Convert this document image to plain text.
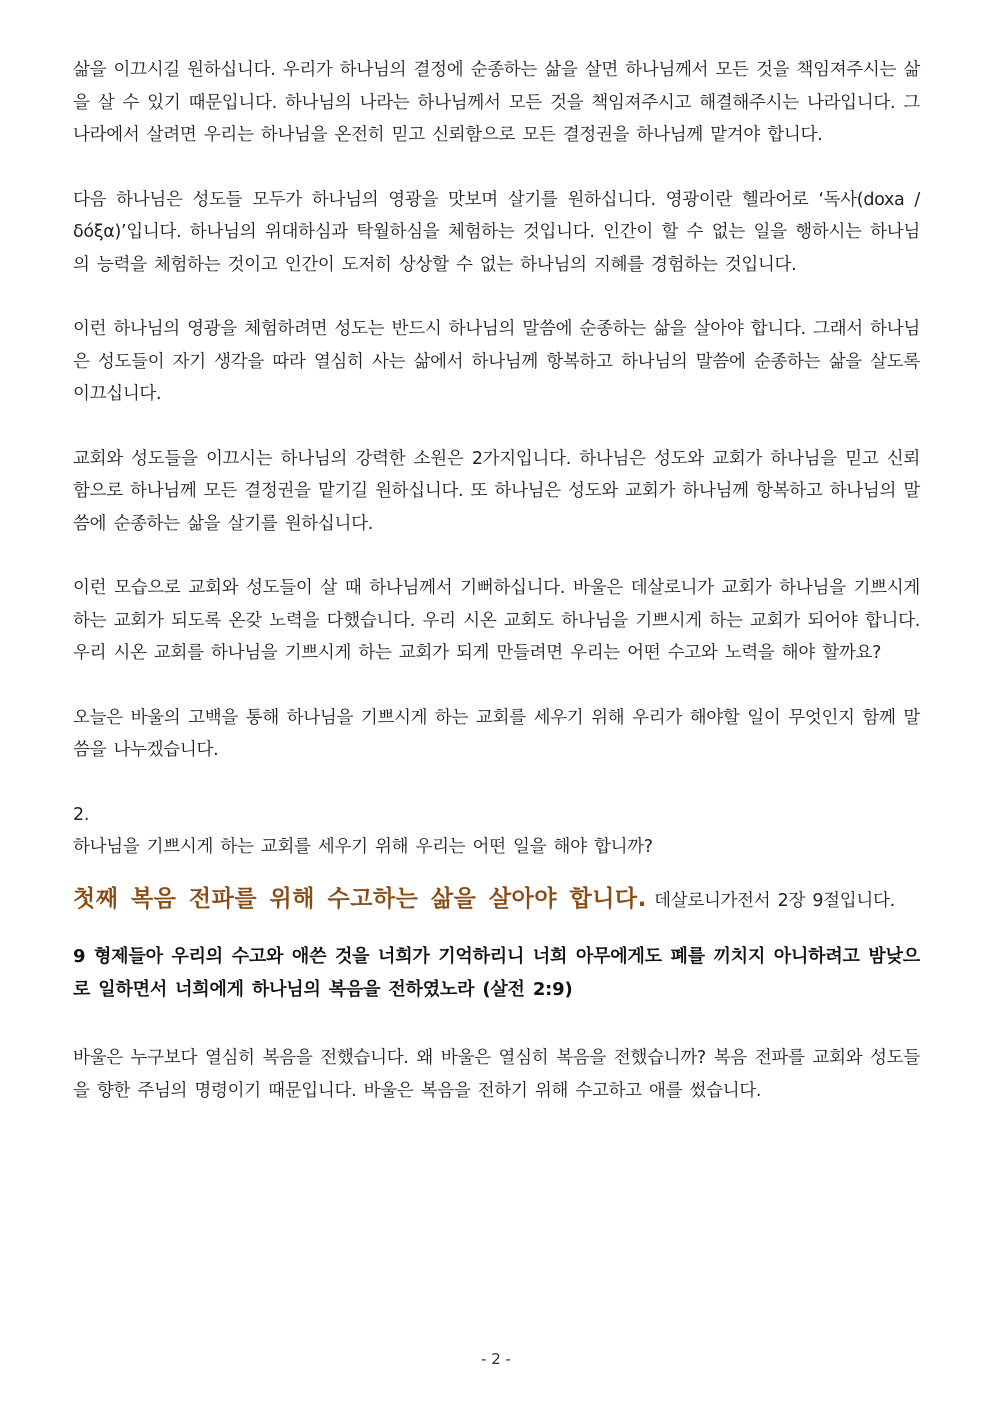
삶을 이끄시길 원하십니다. 우리가 하나님의 결정에 순종하는 삶을 살면 하나님께서 모든 것을 책임져주시는 삶을 살 수 있기 때문입니다. 하나님의 나라는 하나님께서 모든 것을 책임져주시고 해결해주시는 나라입니다. 그 나라에서 살려면 우리는 하나님을 온전히 믿고 신뢰함으로 모든 결정권을 하나님께 맡겨야 합니다.

다음 하나님은 성도들 모두가 하나님의 영광을 맛보며 살기를 원하십니다. 영광이란 헬라어로 ‘독사(doxa / δόξα)’입니다. 하나님의 위대하심과 탁월하심을 체험하는 것입니다. 인간이 할 수 없는 일을 행하시는 하나님의 능력을 체험하는 것이고 인간이 도저히 상상할 수 없는 하나님의 지혜를 경험하는 것입니다.

이런 하나님의 영광을 체험하려면 성도는 반드시 하나님의 말씀에 순종하는 삶을 살아야 합니다. 그래서 하나님은 성도들이 자기 생각을 따라 열심히 사는 삶에서 하나님께 항복하고 하나님의 말씀에 순종하는 삶을 살도록 이끄십니다.

교회와 성도들을 이끄시는 하나님의 강력한 소원은 2가지입니다. 하나님은 성도와 교회가 하나님을 믿고 신뢰함으로 하나님께 모든 결정권을 맡기길 원하십니다. 또 하나님은 성도와 교회가 하나님께 항복하고 하나님의 말씀에 순종하는 삶을 살기를 원하십니다.

이런 모습으로 교회와 성도들이 살 때 하나님께서 기뻐하십니다. 바울은 데살로니가 교회가 하나님을 기쁘시게 하는 교회가 되도록 온갖 노력을 다했습니다. 우리 시온 교회도 하나님을 기쁘시게 하는 교회가 되어야 합니다. 우리 시온 교회를 하나님을 기쁘시게 하는 교회가 되게 만들려면 우리는 어떤 수고와 노력을 해야 할까요?

오늘은 바울의 고백을 통해 하나님을 기쁘시게 하는 교회를 세우기 위해 우리가 해야할 일이 무엇인지 함께 말씀을 나누겠습니다.

2.

하나님을 기쁘시게 하는 교회를 세우기 위해 우리는 어떤 일을 해야 합니까?

첫째 복음 전파를 위해 수고하는 삶을 살아야 합니다. 데살로니가전서 2장 9절입니다.

9 형제들아 우리의 수고와 애쓴 것을 너희가 기억하리니 너희 아무에게도 폐를 끼치지 아니하려고 밤낮으로 일하면서 너희에게 하나님의 복음을 전하였노라 (살전 2:9)

바울은 누구보다 열심히 복음을 전했습니다. 왜 바울은 열심히 복음을 전했습니까? 복음 전파를 교회와 성도들을 향한 주님의 명령이기 때문입니다. 바울은 복음을 전하기 위해 수고하고 애를 썼습니다.

- 2 -
